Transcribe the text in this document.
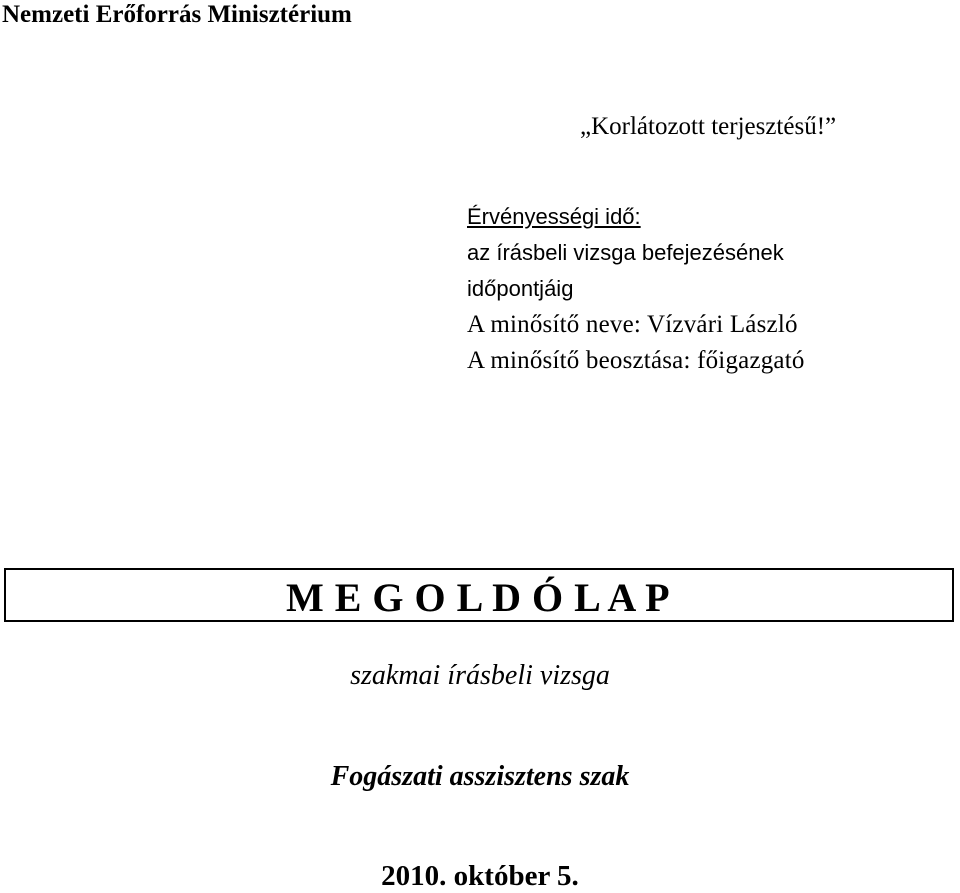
Nemzeti Erőforrás Minisztérium
„Korlátozott terjesztésű!”
Érvényességi idő:
az írásbeli vizsga befejezésének
időpontjáig
A minősítő neve: Vízvári László
A minősítő beosztása: főigazgató
M E G O L D Ó L A P
szakmai írásbeli vizsga
Fogászati asszisztens szak
2010. október 5.
